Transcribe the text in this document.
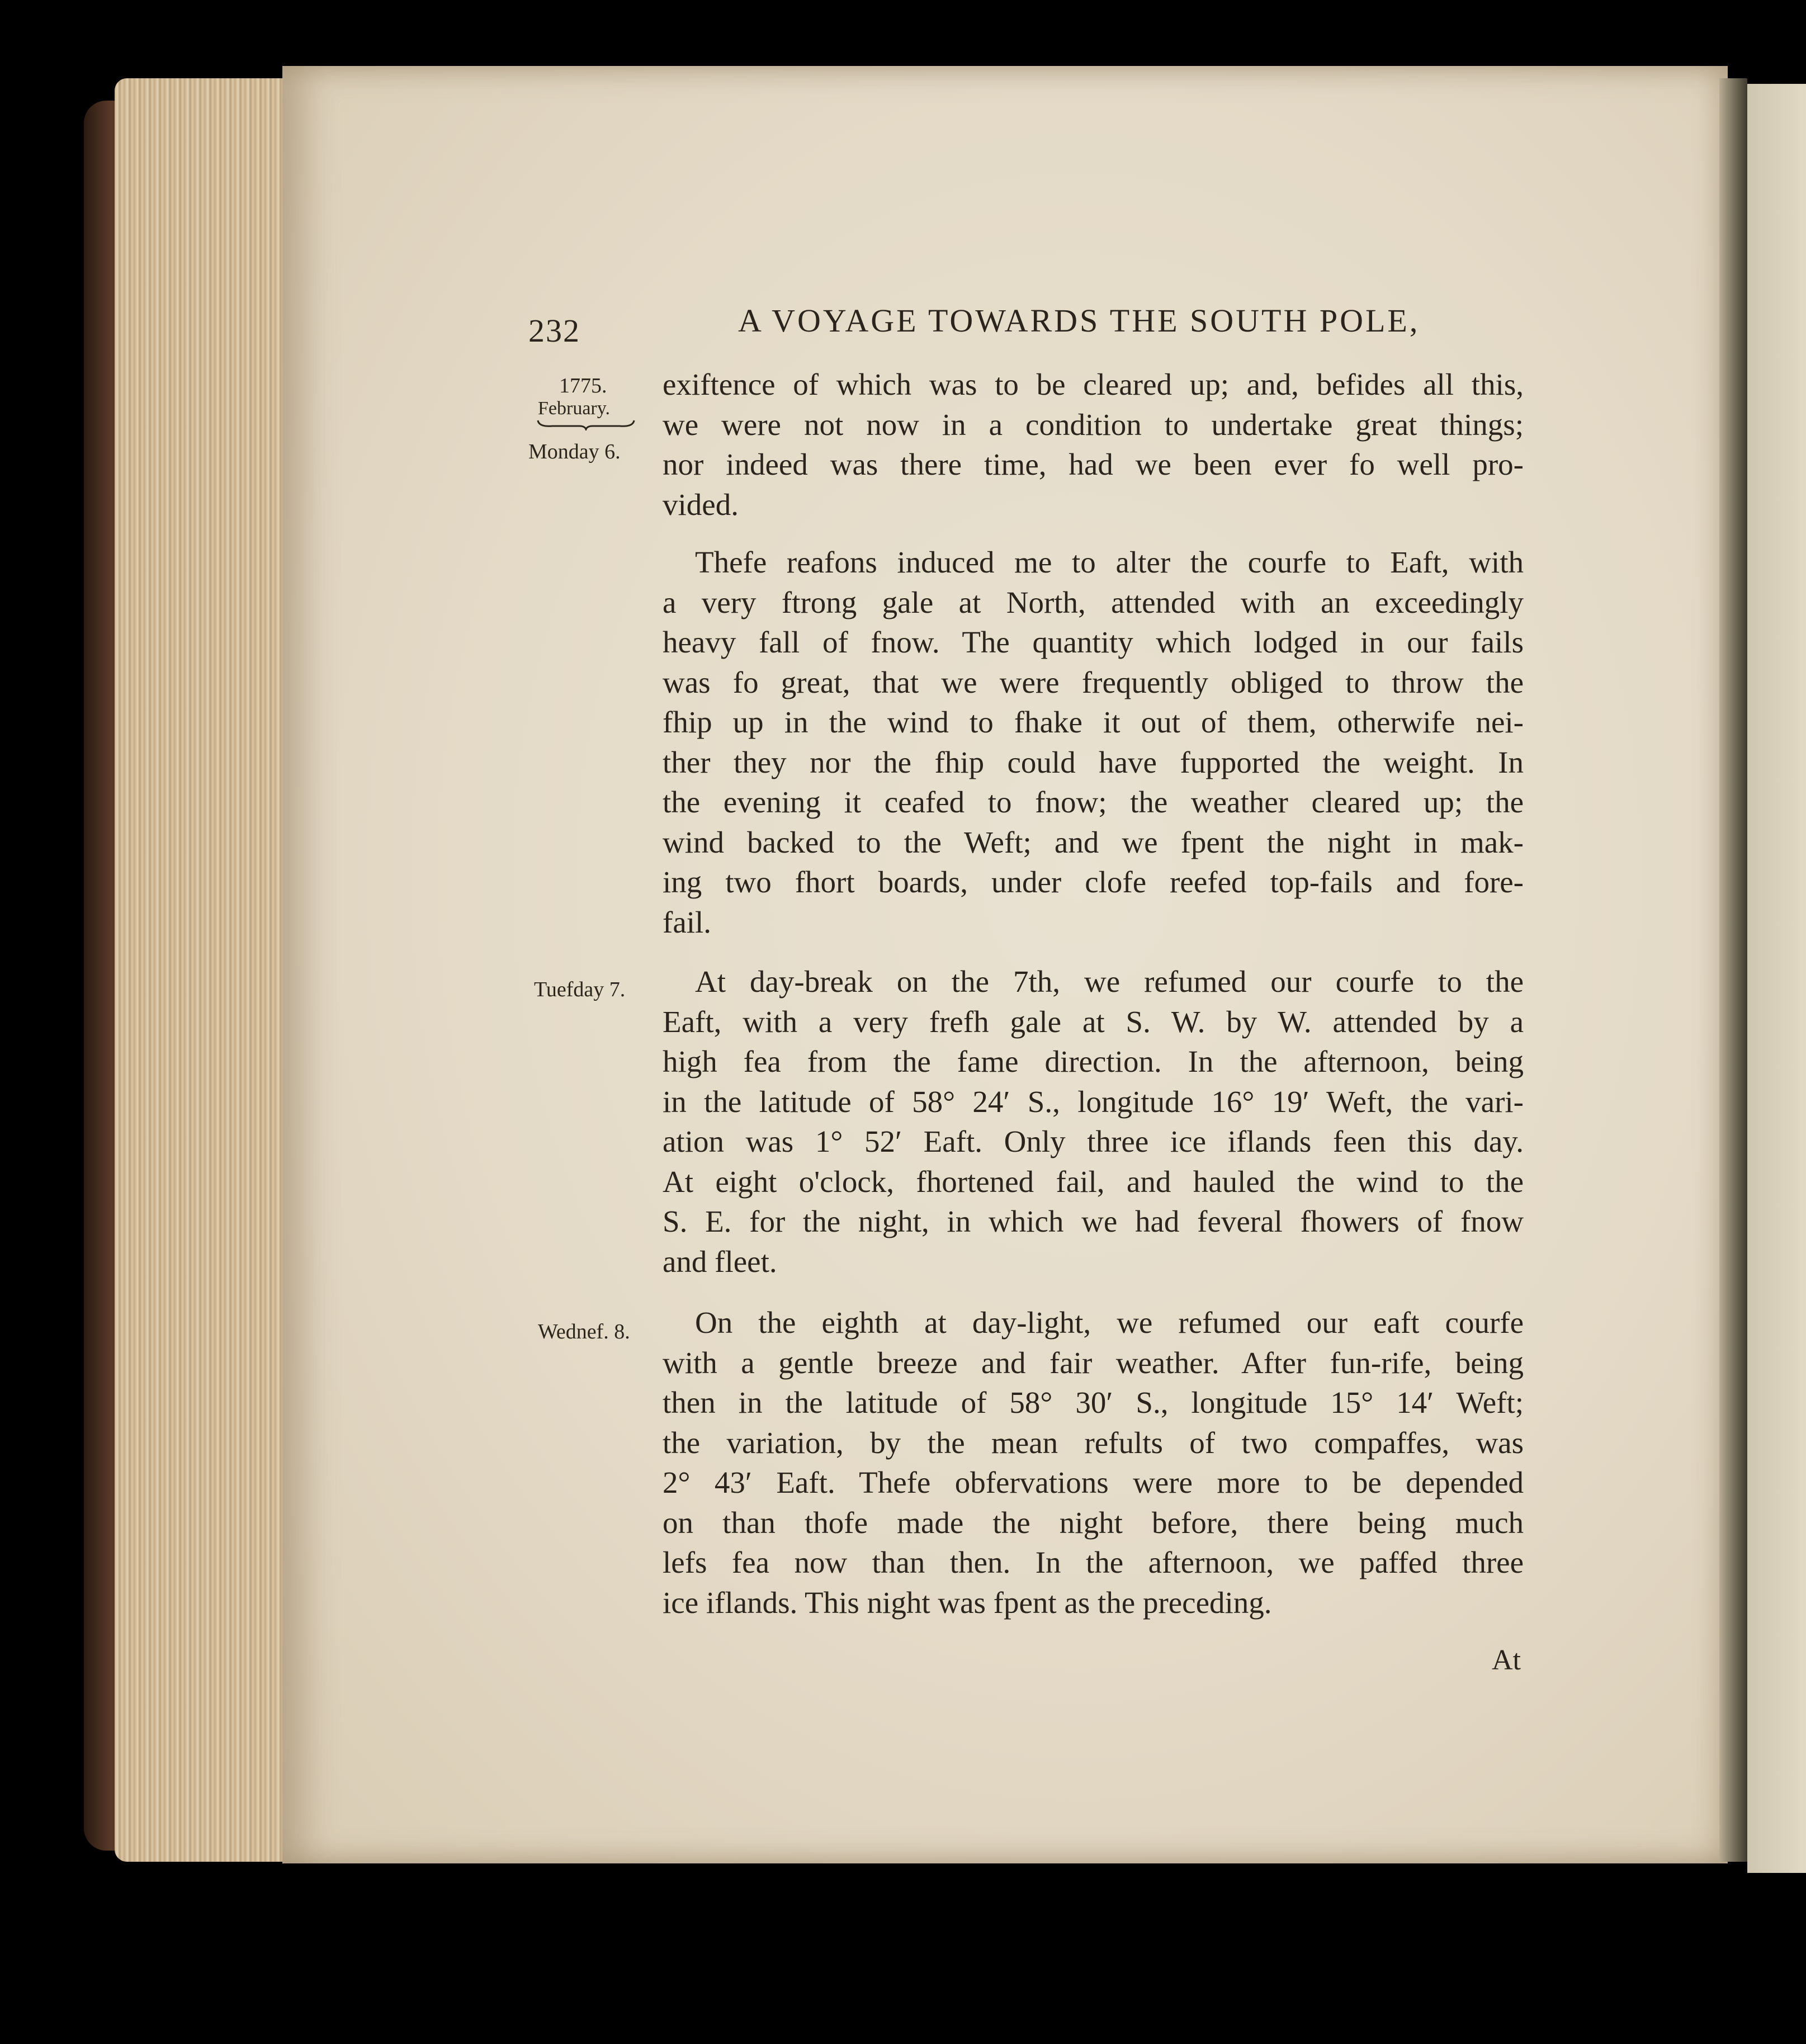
232	A VOYAGE TOWARDS THE SOUTH POLE,
1775.
February.
Monday 6.
Tuefday 7.
Wednef. 8.
exiftence of which was to be cleared up; and, befides all this,
we were not now in a condition to undertake great things;
nor indeed was there time, had we been ever fo well pro-
vided.
Thefe reafons induced me to alter the courfe to Eaft, with
a very ftrong gale at North, attended with an exceedingly
heavy fall of fnow. The quantity which lodged in our fails
was fo great, that we were frequently obliged to throw the
fhip up in the wind to fhake it out of them, otherwife nei-
ther they nor the fhip could have fupported the weight. In
the evening it ceafed to fnow; the weather cleared up; the
wind backed to the Weft; and we fpent the night in mak-
ing two fhort boards, under clofe reefed top-fails and fore-
fail.
At day-break on the 7th, we refumed our courfe to the
Eaft, with a very frefh gale at S. W. by W. attended by a
high fea from the fame direction. In the afternoon, being
in the latitude of 58° 24′ S., longitude 16° 19′ Weft, the vari-
ation was 1° 52′ Eaft. Only three ice iflands feen this day.
At eight o'clock, fhortened fail, and hauled the wind to the
S. E. for the night, in which we had feveral fhowers of fnow
and fleet.
On the eighth at day-light, we refumed our eaft courfe
with a gentle breeze and fair weather. After fun-rife, being
then in the latitude of 58° 30′ S., longitude 15° 14′ Weft;
the variation, by the mean refults of two compaffes, was
2° 43′ Eaft. Thefe obfervations were more to be depended
on than thofe made the night before, there being much
lefs fea now than then. In the afternoon, we paffed three
ice iflands. This night was fpent as the preceding.
At
